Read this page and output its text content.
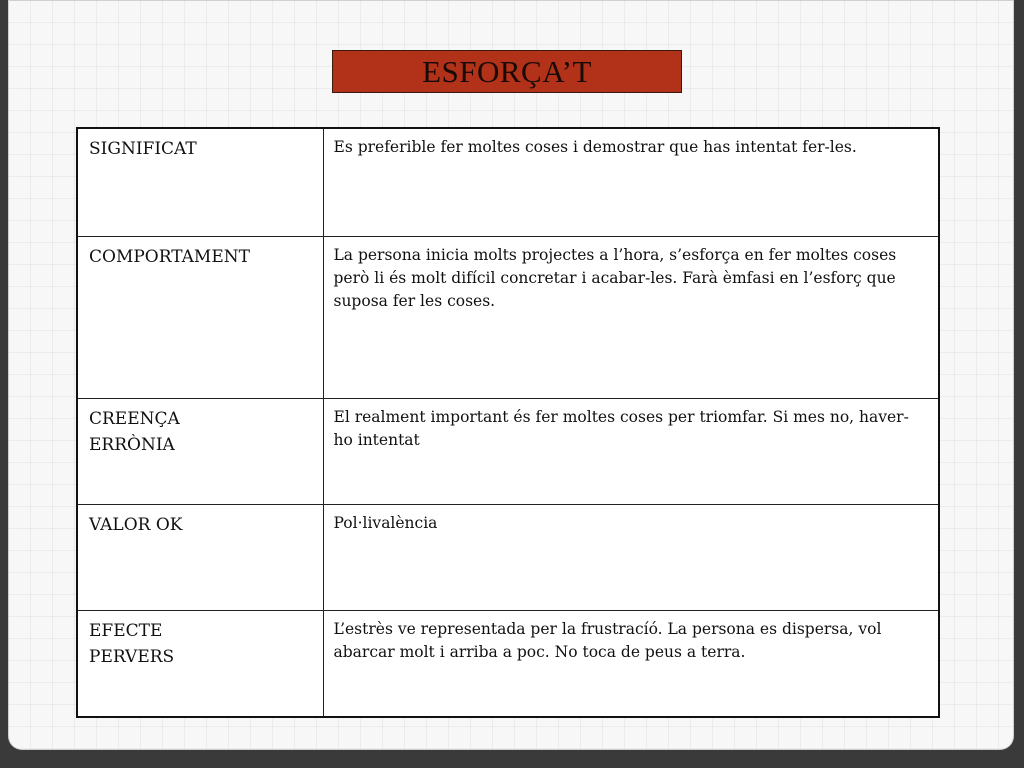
ESFORÇA’T
SIGNIFICAT	Es preferible fer moltes coses i demostrar que has intentat fer-les.

COMPORTAMENT	La persona inicia molts projectes a l’hora, s’esforça en fer moltes coses però li és molt difícil concretar i acabar-les. Farà èmfasi en l’esforç que suposa fer les coses.

CREENÇA ERRÒNIA	El realment important és fer moltes coses per triomfar. Si mes no, haver-ho intentat

VALOR OK	Pol·livalència

EFECTE PERVERS	L’estrès ve representada per la frustracíó. La persona es dispersa, vol abarcar molt i arriba a poc. No toca de peus a terra.
